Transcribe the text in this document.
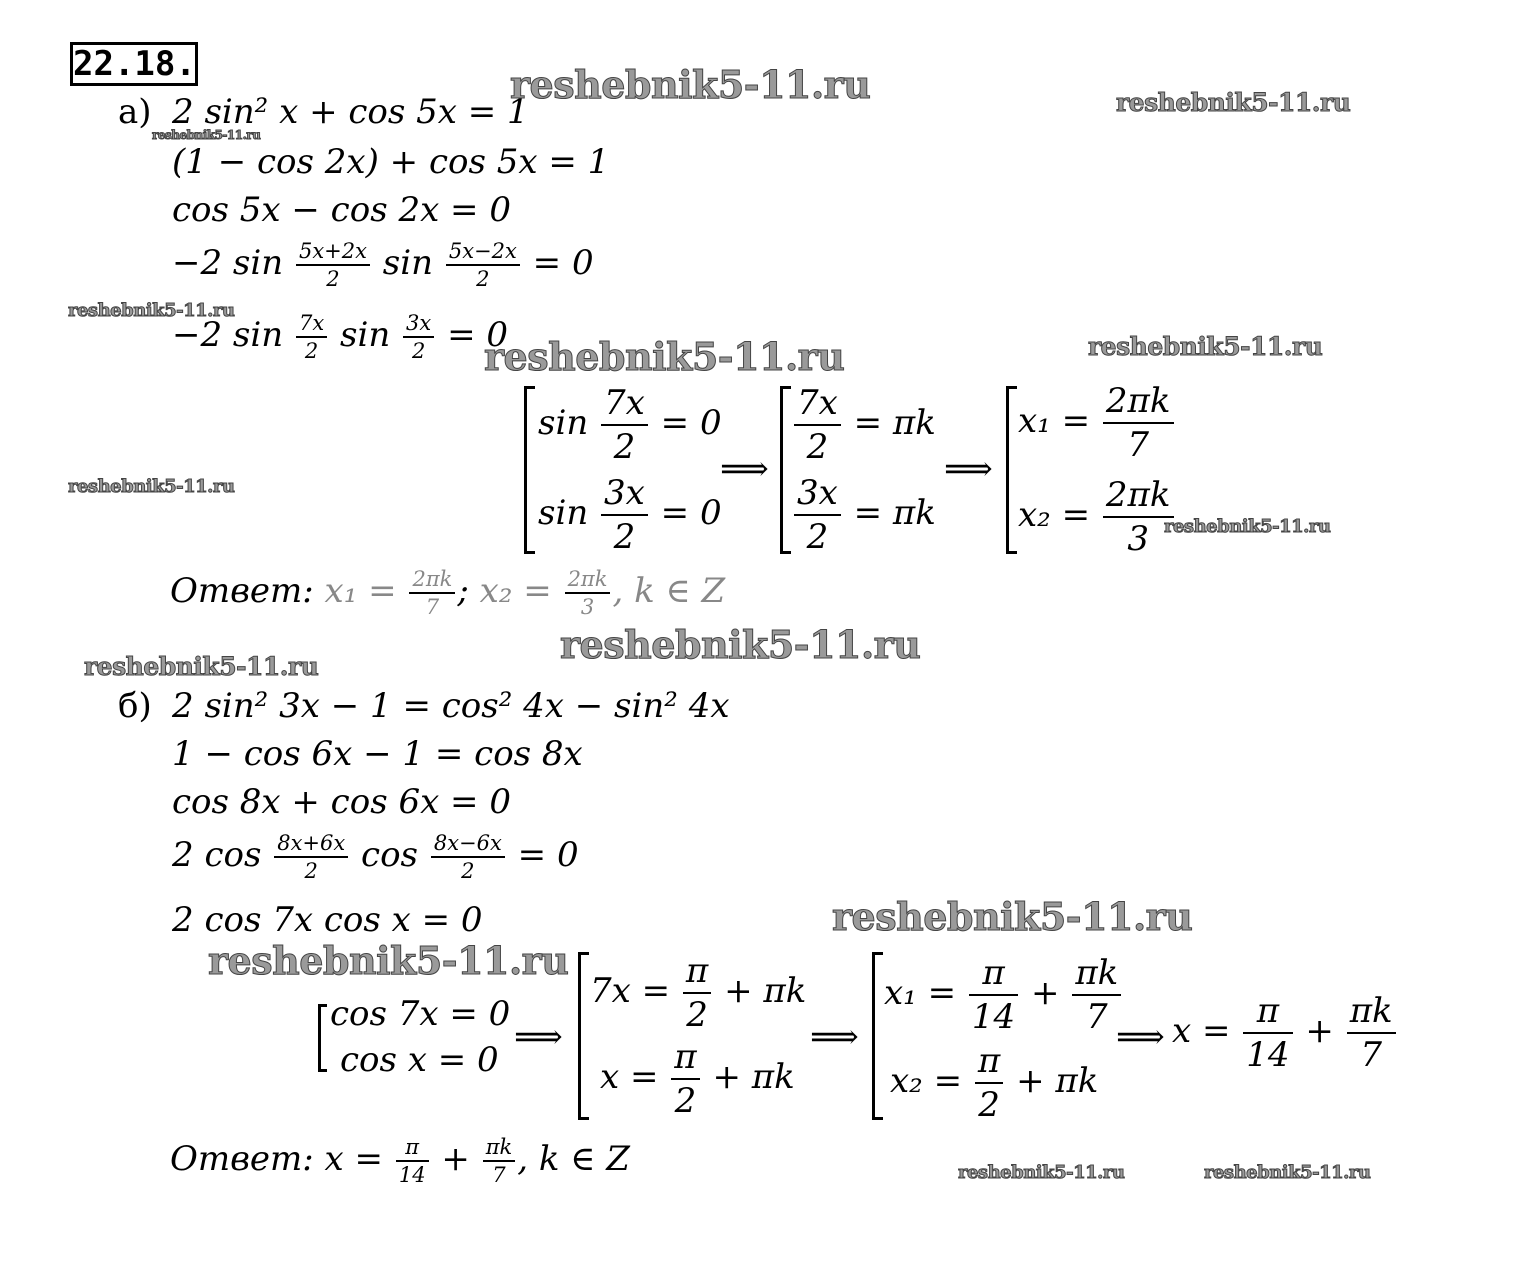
22.18.
а) 2 sin² x + cos 5x = 1
(1 − cos 2x) + cos 5x = 1
cos 5x − cos 2x = 0
−2 $\sin \frac{5x+2x}{2}$ $\sin \frac{5x-2x}{2} = 0$
−2 $\sin \frac{7x}{2}$ $\sin \frac{3x}{2} = 0$
$\sin \frac{7x}{2} = 0$
$\sin \frac{3x}{2} = 0$
⟹
$\frac{7x}{2} = \pi k$
$\frac{3x}{2} = \pi k$
⟹
$x_1 = \frac{2\pi k}{7}$
$x_2 = \frac{2\pi k}{3}$
Ответ: $x_1 = \frac{2\pi k}{7}$ ; $x_2 = \frac{2\pi k}{3}$ , k ∈ Z
б) 2 sin² 3x − 1 = cos² 4x − sin² 4x
1 − cos 6x − 1 = cos 8x
cos 8x + cos 6x = 0
2 $\cos \frac{8x+6x}{2}$ $\cos \frac{8x-6x}{2} = 0$
2 cos 7x cos x = 0
cos 7x = 0
cos x = 0
⟹
$7x = \frac{\pi}{2} + \pi k$
$x = \frac{\pi}{2} + \pi k$
⟹
$x_1 = \frac{\pi}{14} + \frac{\pi k}{7}$
$x_2 = \frac{\pi}{2} + \pi k$
⟹ $x = \frac{\pi}{14} + \frac{\pi k}{7}$
Ответ: $x = \frac{\pi}{14} + \frac{\pi k}{7}$ , k ∈ Z
reshebnik5-11.ru	reshebnik5-11.ru
reshebnik5-11.ru
reshebnik5-11.ru
reshebnik5-11.ru	reshebnik5-11.ru
reshebnik5-11.ru
reshebnik5-11.ru
reshebnik5-11.ru
reshebnik5-11.ru
reshebnik5-11.ru
reshebnik5-11.ru
reshebnik5-11.ru	reshebnik5-11.ru
